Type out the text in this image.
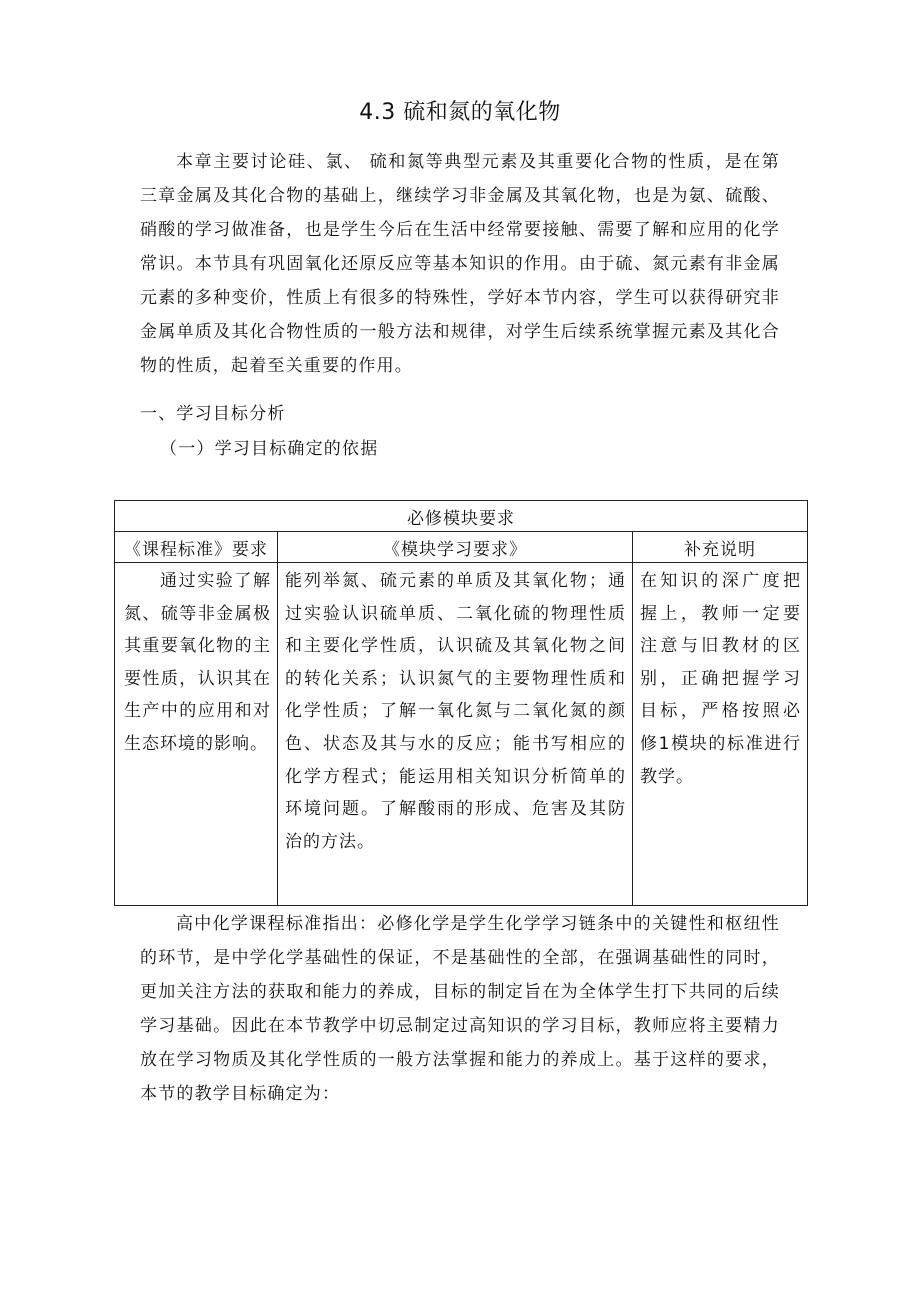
4.3 硫和氮的氧化物

本章主要讨论硅、氯、 硫和氮等典型元素及其重要化合物的性质，是在第三章金属及其化合物的基础上，继续学习非金属及其氧化物，也是为氨、硫酸、硝酸的学习做准备，也是学生今后在生活中经常要接触、需要了解和应用的化学常识。本节具有巩固氧化还原反应等基本知识的作用。由于硫、氮元素有非金属元素的多种变价，性质上有很多的特殊性，学好本节内容，学生可以获得研究非金属单质及其化合物性质的一般方法和规律，对学生后续系统掌握元素及其化合物的性质，起着至关重要的作用。

一、学习目标分析
（一）学习目标确定的依据
必修模块要求		
《课程标准》要求	《模块学习要求》	补充说明
通过实验了解氮、硫等非金属极其重要氧化物的主要性质，认识其在生产中的应用和对生态环境的影响。	能列举氮、硫元素的单质及其氧化物；通过实验认识硫单质、二氧化硫的物理性质和主要化学性质，认识硫及其氧化物之间的转化关系；认识氮气的主要物理性质和化学性质；了解一氧化氮与二氧化氮的颜色、状态及其与水的反应；能书写相应的化学方程式；能运用相关知识分析简单的环境问题。了解酸雨的形成、危害及其防治的方法。	在知识的深广度把握上，教师一定要注意与旧教材的区别，正确把握学习目标，严格按照必修1模块的标准进行教学。

高中化学课程标准指出：必修化学是学生化学学习链条中的关键性和枢纽性的环节，是中学化学基础性的保证，不是基础性的全部，在强调基础性的同时，更加关注方法的获取和能力的养成，目标的制定旨在为全体学生打下共同的后续学习基础。因此在本节教学中切忌制定过高知识的学习目标，教师应将主要精力放在学习物质及其化学性质的一般方法掌握和能力的养成上。基于这样的要求，本节的教学目标确定为：
